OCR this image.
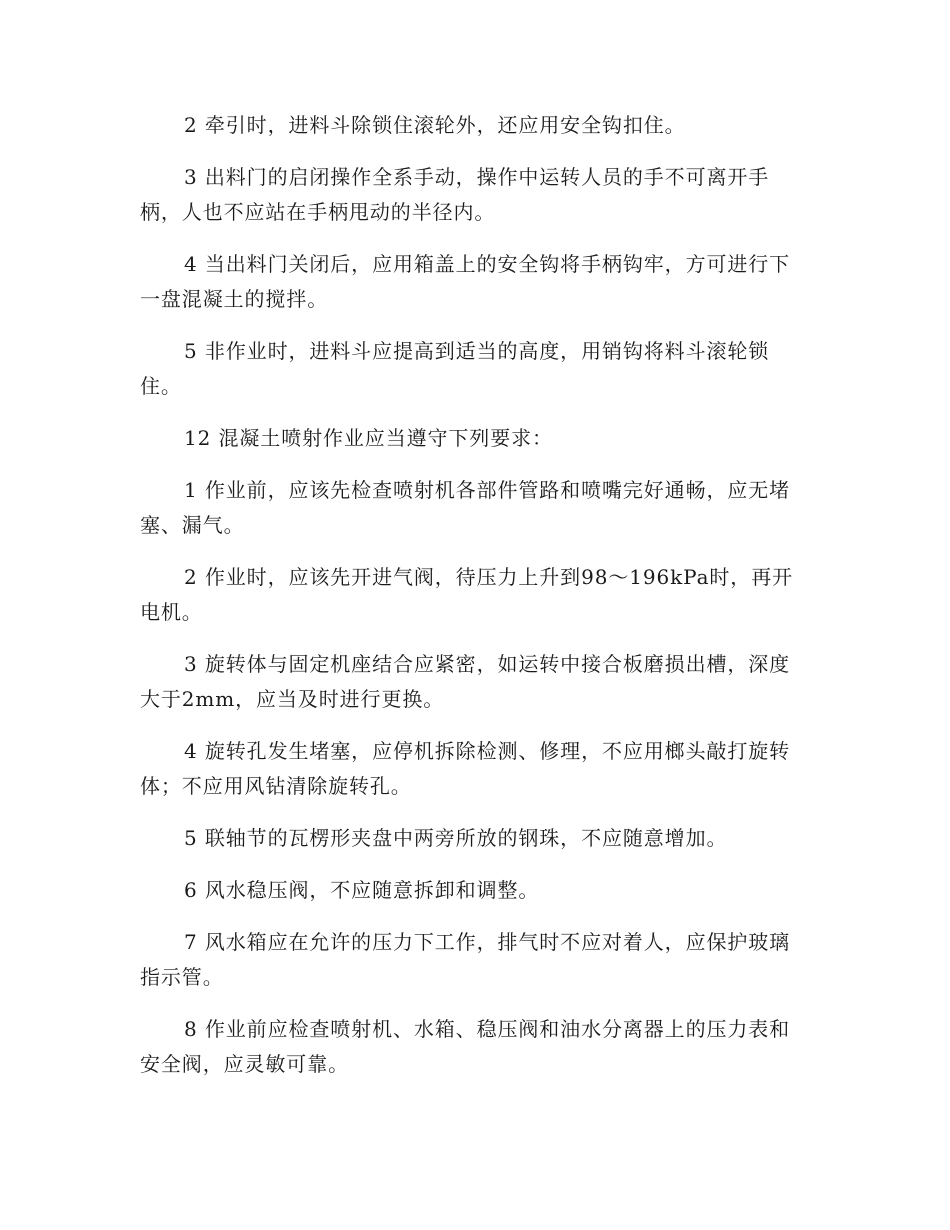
2 牵引时，进料斗除锁住滚轮外，还应用安全钩扣住。

3 出料门的启闭操作全系手动，操作中运转人员的手不可离开手柄，人也不应站在手柄甩动的半径内。

4 当出料门关闭后，应用箱盖上的安全钩将手柄钩牢，方可进行下一盘混凝土的搅拌。

5 非作业时，进料斗应提高到适当的高度，用销钩将料斗滚轮锁住。

12 混凝土喷射作业应当遵守下列要求：

1 作业前，应该先检查喷射机各部件管路和喷嘴完好通畅，应无堵塞、漏气。

2 作业时，应该先开进气阀，待压力上升到98～196kPa时，再开电机。

3 旋转体与固定机座结合应紧密，如运转中接合板磨损出槽，深度大于2mm，应当及时进行更换。

4 旋转孔发生堵塞，应停机拆除检测、修理，不应用榔头敲打旋转体；不应用风钻清除旋转孔。

5 联轴节的瓦楞形夹盘中两旁所放的钢珠，不应随意增加。

6 风水稳压阀，不应随意拆卸和调整。

7 风水箱应在允许的压力下工作，排气时不应对着人，应保护玻璃指示管。

8 作业前应检查喷射机、水箱、稳压阀和油水分离器上的压力表和安全阀，应灵敏可靠。
